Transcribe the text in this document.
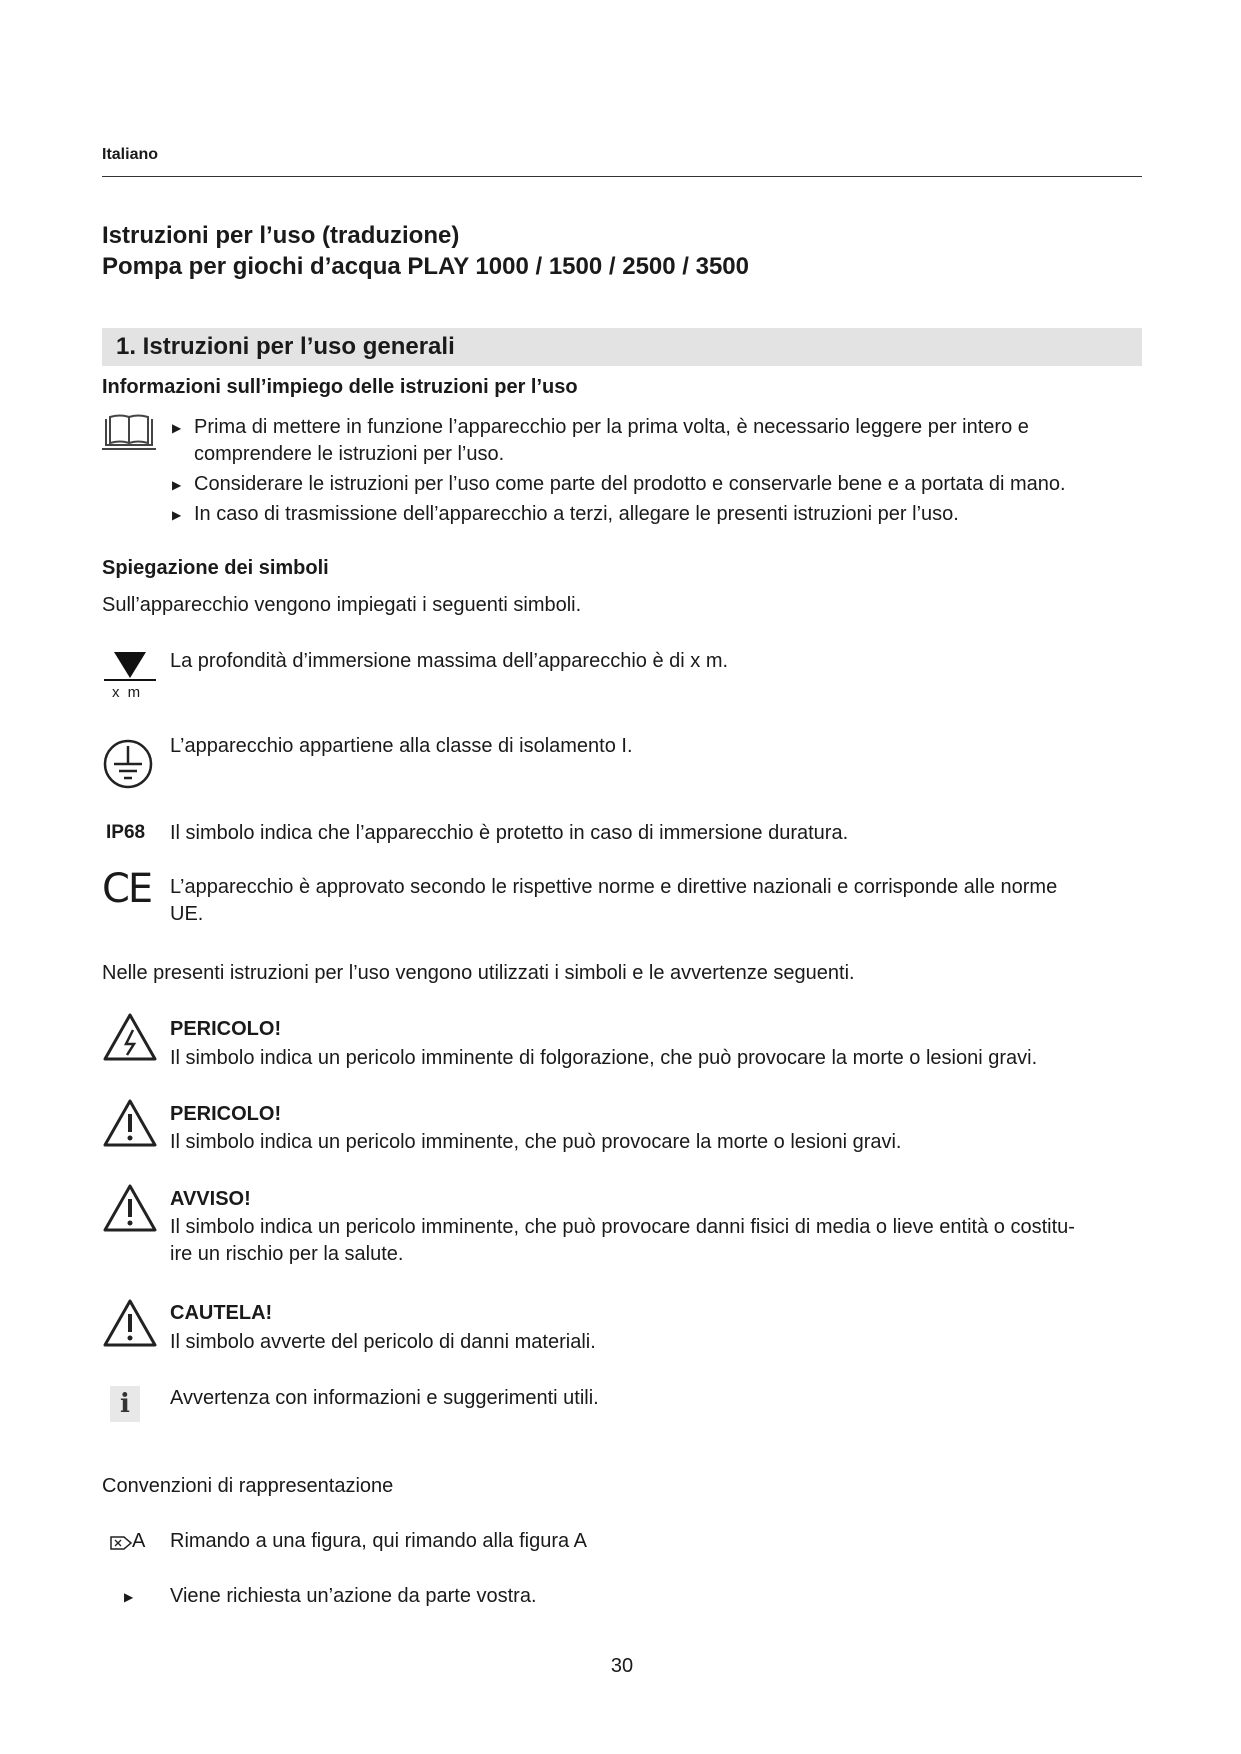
Italiano
Istruzioni per l’uso (traduzione)
Pompa per giochi d’acqua PLAY 1000 / 1500 / 2500 / 3500
1. Istruzioni per l’uso generali
Informazioni sull’impiego delle istruzioni per l’uso
▶ Prima di mettere in funzione l’apparecchio per la prima volta, è necessario leggere per intero e
comprendere le istruzioni per l’uso.
▶ Considerare le istruzioni per l’uso come parte del prodotto e conservarle bene e a portata di mano.
▶ In caso di trasmissione dell’apparecchio a terzi, allegare le presenti istruzioni per l’uso.
Spiegazione dei simboli
Sull’apparecchio vengono impiegati i seguenti simboli.
x m
La profondità d’immersione massima dell’apparecchio è di x m.
L’apparecchio appartiene alla classe di isolamento I.
IP68 Il simbolo indica che l’apparecchio è protetto in caso di immersione duratura.
CE L’apparecchio è approvato secondo le rispettive norme e direttive nazionali e corrisponde alle norme
UE.
Nelle presenti istruzioni per l’uso vengono utilizzati i simboli e le avvertenze seguenti.
PERICOLO!
Il simbolo indica un pericolo imminente di folgorazione, che può provocare la morte o lesioni gravi.
PERICOLO!
Il simbolo indica un pericolo imminente, che può provocare la morte o lesioni gravi.
AVVISO!
Il simbolo indica un pericolo imminente, che può provocare danni fisici di media o lieve entità o costitu-
ire un rischio per la salute.
CAUTELA!
Il simbolo avverte del pericolo di danni materiali.
i	Avvertenza con informazioni e suggerimenti utili.
Convenzioni di rappresentazione
A Rimando a una figura, qui rimando alla figura A
▶ Viene richiesta un’azione da parte vostra.
30
